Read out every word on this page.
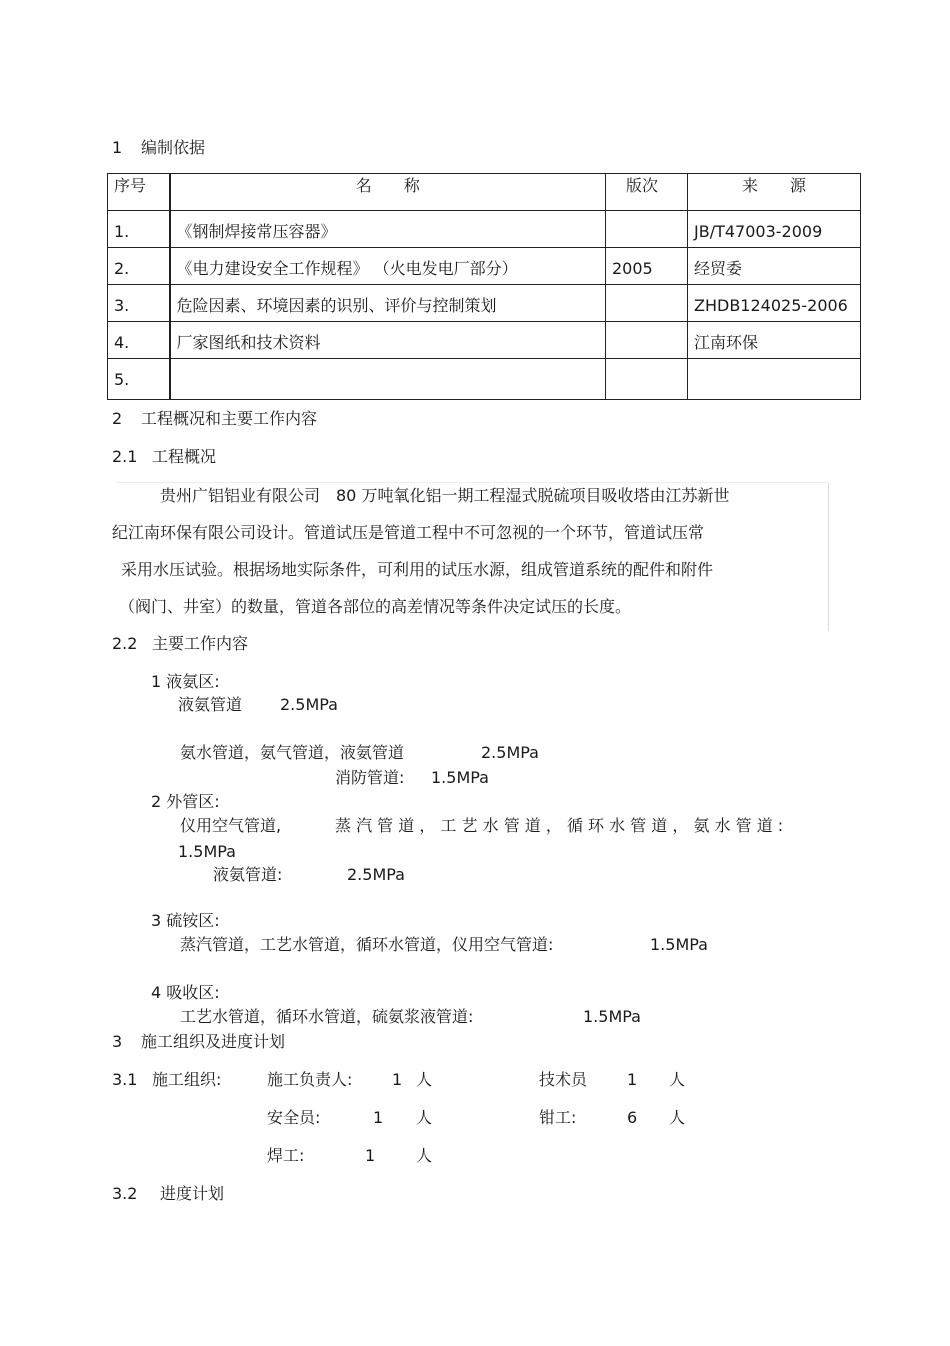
1 编制依据
序号	名　　称	版次	来　　源
1.	《钢制焊接常压容器》		JB/T47003-2009
2.	《电力建设安全工作规程》 （火电发电厂部分）	2005	经贸委
3.	危险因素、环境因素的识别、评价与控制策划		ZHDB124025-2006
4.	厂家图纸和技术资料		江南环保
5.			
2 工程概况和主要工作内容
2.1 工程概况
贵州广铝铝业有限公司　80 万吨氧化铝一期工程湿式脱硫项目吸收塔由江苏新世
纪江南环保有限公司设计。管道试压是管道工程中不可忽视的一个环节，管道试压常
采用水压试验。根据场地实际条件，可利用的试压水源，组成管道系统的配件和附件
（阀门、井室）的数量，管道各部位的高差情况等条件决定试压的长度。
2.2 主要工作内容
1 液氨区:
液氨管道 2.5MPa
氨水管道，氨气管道，液氨管道	2.5MPa
消防管道: 1.5MPa
2 外管区:
仪用空气管道,	蒸 汽 管 道 ， 工 艺 水 管 道 ， 循 环 水 管 道 ， 氨 水 管 道 :
1.5MPa
液氨管道:	2.5MPa
3 硫铵区:
蒸汽管道，工艺水管道，循环水管道，仪用空气管道:	1.5MPa
4 吸收区:
工艺水管道，循环水管道，硫氨浆液管道:	1.5MPa
3 施工组织及进度计划
3.1 施工组织:	施工负责人: 1 人	技术员 1 人
安全员:	1 人	钳工:	6 人
焊工:	1	人
3.2 进度计划
